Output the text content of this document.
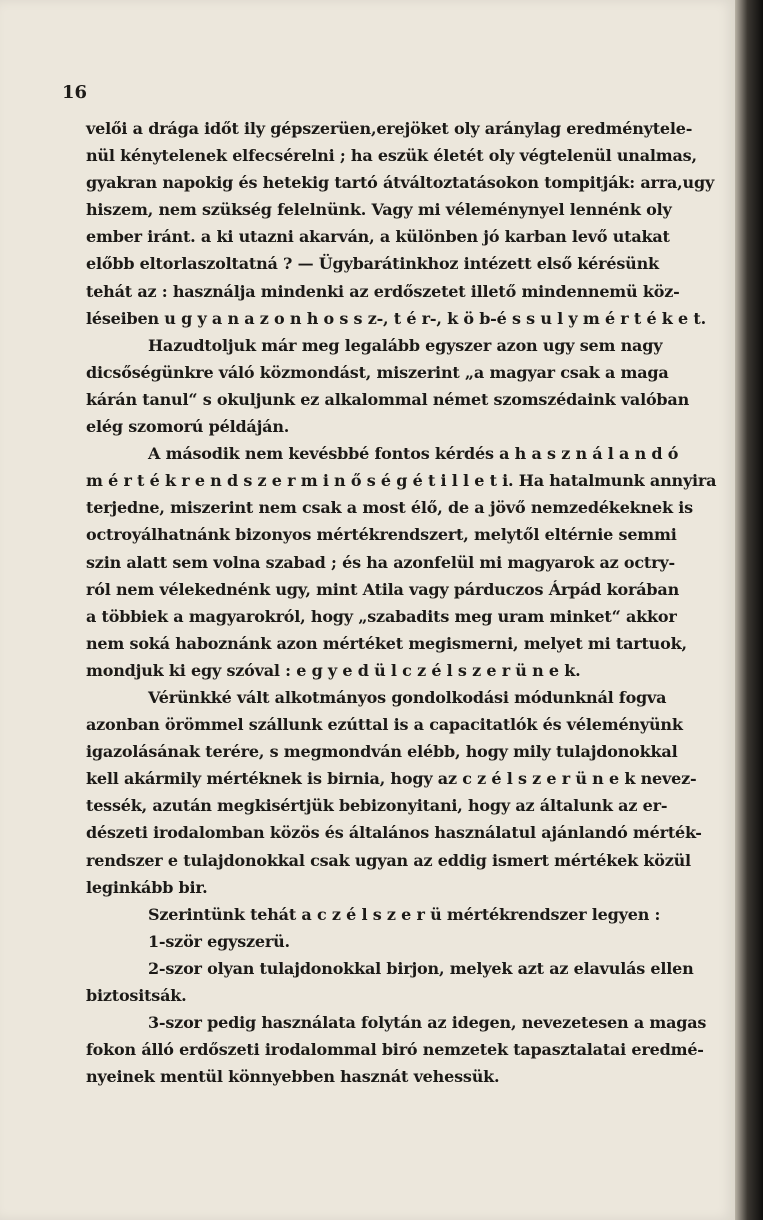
16
velői a drága időt ily gépszerüen,erejöket oly aránylag eredménytele-
nül kénytelenek elfecsérelni ; ha eszük életét oly végtelenül unalmas,
gyakran napokig és hetekig tartó átváltoztatásokon tompitják: arra,ugy
hiszem, nem szükség felelnünk. Vagy mi véleménynyel lennénk oly
ember iránt. a ki utazni akarván, a különben jó karban levő utakat
előbb eltorlaszoltatná ? — Ügybarátinkhoz intézett első kérésünk
tehát az : használja mindenki az erdőszetet illető mindennemü köz-
léseiben u g y a n a z o n h o s s z-, t é r-, k ö b-é s s u l y m é r t é k e t.
Hazudtoljuk már meg legalább egyszer azon ugy sem nagy
dicsőségünkre váló közmondást, miszerint „a magyar csak a maga
kárán tanul“ s okuljunk ez alkalommal német szomszédaink valóban
elég szomorú példáján.
A második nem kevésbbé fontos kérdés a h a s z n á l a n d ó
m é r t é k r e n d s z e r m i n ő s é g é t i l l e t i. Ha hatalmunk annyira
terjedne, miszerint nem csak a most élő, de a jövő nemzedékeknek is
octroyálhatnánk bizonyos mértékrendszert, melytől eltérnie semmi
szin alatt sem volna szabad ; és ha azonfelül mi magyarok az octry-
ról nem vélekednénk ugy, mint Atila vagy párduczos Árpád korában
a többiek a magyarokról, hogy „szabadits meg uram minket“ akkor
nem soká haboznánk azon mértéket megismerni, melyet mi tartuok,
mondjuk ki egy szóval : e g y e d ü l c z é l s z e r ü n e k.
Vérünkké vált alkotmányos gondolkodási módunknál fogva
azonban örömmel szállunk ezúttal is a capacitatlók és véleményünk
igazolásának terére, s megmondván elébb, hogy mily tulajdonokkal
kell akármily mértéknek is birnia, hogy az c z é l s z e r ü n e k nevez-
tessék, azután megkisértjük bebizonyitani, hogy az általunk az er-
dészeti irodalomban közös és általános használatul ajánlandó mérték-
rendszer e tulajdonokkal csak ugyan az eddig ismert mértékek közül
leginkább bir.
Szerintünk tehát a c z é l s z e r ü mértékrendszer legyen :
1-ször egyszerü.
2-szor olyan tulajdonokkal birjon, melyek azt az elavulás ellen
biztositsák.
3-szor pedig használata folytán az idegen, nevezetesen a magas
fokon álló erdőszeti irodalommal biró nemzetek tapasztalatai eredmé-
nyeinek mentül könnyebben hasznát vehessük.
